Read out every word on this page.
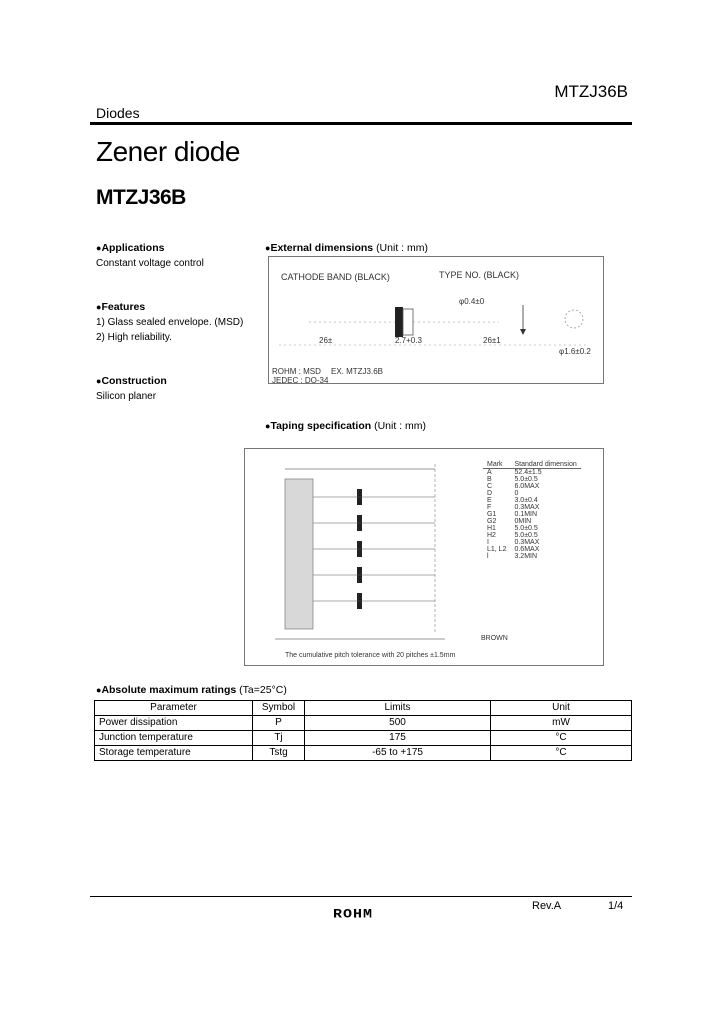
MTZJ36B
Diodes
Zener diode
MTZJ36B
●Applications
Constant voltage control
●Features
1) Glass sealed envelope. (MSD)
2) High reliability.
●Construction
Silicon planer
●External dimensions (Unit : mm)
CATHODE BAND (BLACK)	TYPE NO. (BLACK)
φ0.4±0
φ1.6±0.2
26±	2.7+0.3	26±1
ROHM : MSD
JEDEC : DO-34
EX. MTZJ3.6B
●Taping specification (Unit : mm)
Mark	Standard dimension
A	52.4±1.5
B	5.0±0.5
C	6.0MAX
D	0
E	3.0±0.4
F	0.3MAX
G1	0.1MIN
G2	0MIN
H1	5.0±0.5
H2	5.0±0.5
I	0.3MAX
L1, L2	0.6MAX
l	3.2MIN
BROWN
The cumulative pitch tolerance with 20 pitches ±1.5mm
●Absolute maximum ratings (Ta=25°C)
Parameter	Symbol	Limits	Unit
Power dissipation	P	500	mW
Junction temperature	Tj	175	°C
Storage temperature	Tstg	-65 to +175	°C
ROHM
Rev.A	1/4
